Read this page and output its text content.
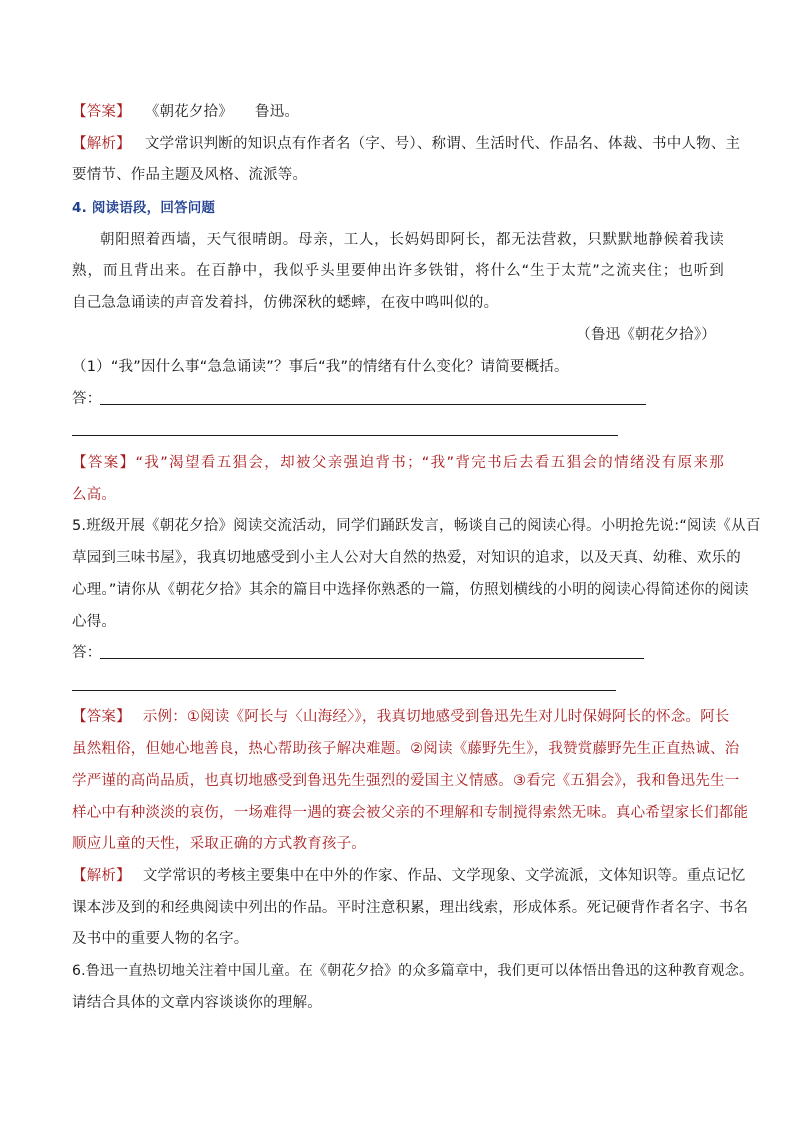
【答案】 《朝花夕拾》 鲁迅。
【解析】 文学常识判断的知识点有作者名（字、号）、称谓、生活时代、作品名、体裁、书中人物、主
要情节、作品主题及风格、流派等。
4. 阅读语段，回答问题
朝阳照着西墙，天气很晴朗。母亲，工人，长妈妈即阿长，都无法营救，只默默地静候着我读
熟，而且背出来。在百静中，我似乎头里要伸出许多铁钳，将什么“生于太荒”之流夹住；也听到
自己急急诵读的声音发着抖，仿佛深秋的蟋蟀，在夜中鸣叫似的。
（鲁迅《朝花夕拾》）
（1）“我”因什么事“急急诵读”？事后“我”的情绪有什么变化？请简要概括。
答：
【答案】“我”渴望看五猖会，却被父亲强迫背书；“我”背完书后去看五猖会的情绪没有原来那
么高。
5.班级开展《朝花夕拾》阅读交流活动，同学们踊跃发言，畅谈自己的阅读心得。小明抢先说:“阅读《从百
草园到三味书屋》，我真切地感受到小主人公对大自然的热爱，对知识的追求，以及天真、幼稚、欢乐的
心理。”请你从《朝花夕拾》其余的篇目中选择你熟悉的一篇，仿照划横线的小明的阅读心得简述你的阅读
心得。
答：
【答案】 示例：①阅读《阿长与〈山海经〉》，我真切地感受到鲁迅先生对儿时保姆阿长的怀念。阿长
虽然粗俗，但她心地善良，热心帮助孩子解决难题。②阅读《藤野先生》，我赞赏藤野先生正直热诚、治
学严谨的高尚品质，也真切地感受到鲁迅先生强烈的爱国主义情感。③看完《五猖会》，我和鲁迅先生一
样心中有种淡淡的哀伤，一场难得一遇的赛会被父亲的不理解和专制搅得索然无味。真心希望家长们都能
顺应儿童的天性，采取正确的方式教育孩子。
【解析】 文学常识的考核主要集中在中外的作家、作品、文学现象、文学流派，文体知识等。重点记忆
课本涉及到的和经典阅读中列出的作品。平时注意积累，理出线索，形成体系。死记硬背作者名字、书名
及书中的重要人物的名字。
6.鲁迅一直热切地关注着中国儿童。在《朝花夕拾》的众多篇章中，我们更可以体悟出鲁迅的这种教育观念。
请结合具体的文章内容谈谈你的理解。
